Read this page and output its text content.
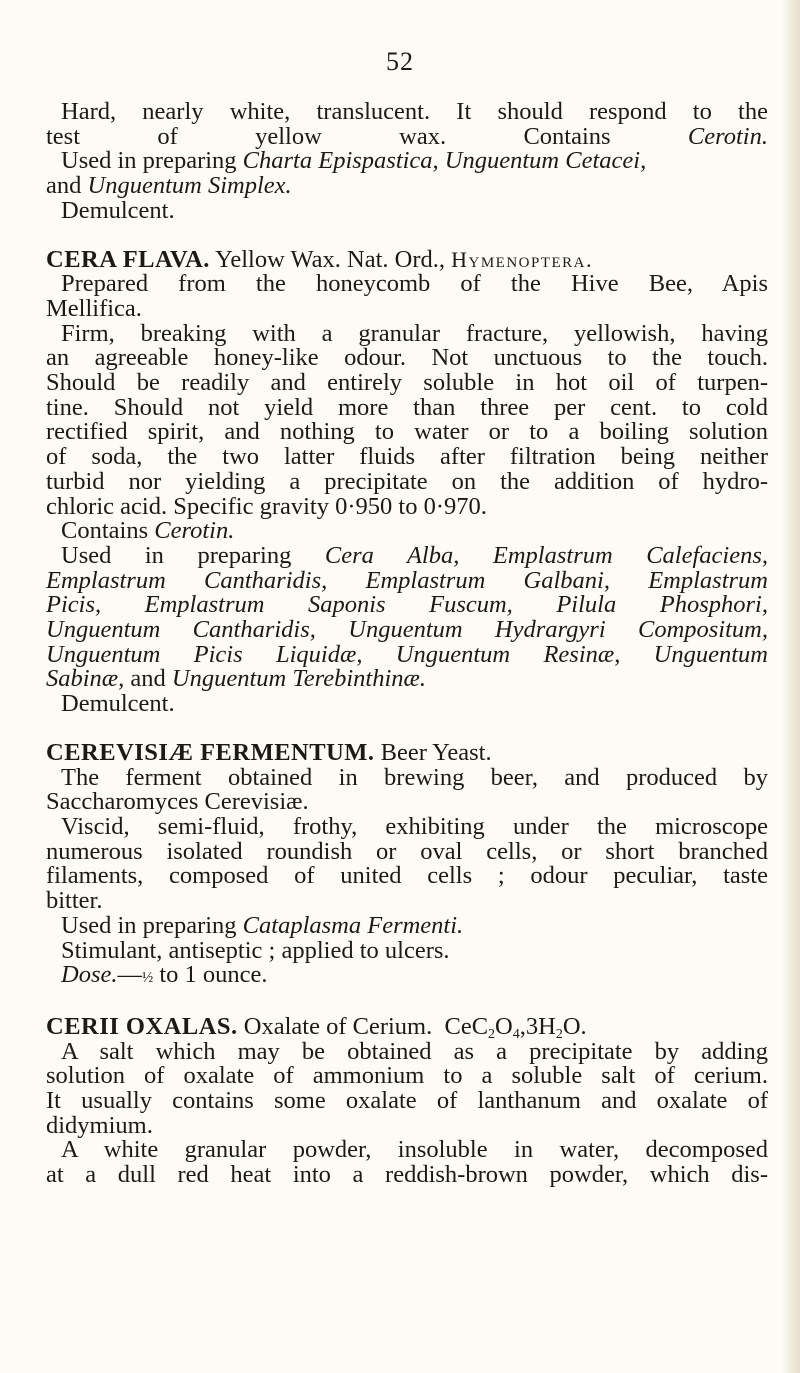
52
Hard, nearly white, translucent. It should respond to the
test of yellow wax. Contains Cerotin.
Used in preparing Charta Epispastica, Unguentum Cetacei,
and Unguentum Simplex.
Demulcent.
CERA FLAVA. Yellow Wax. Nat. Ord., Hymenoptera.
Prepared from the honeycomb of the Hive Bee, Apis
Mellifica.
Firm, breaking with a granular fracture, yellowish, having
an agreeable honey-like odour. Not unctuous to the touch.
Should be readily and entirely soluble in hot oil of turpen-
tine. Should not yield more than three per cent. to cold
rectified spirit, and nothing to water or to a boiling solution
of soda, the two latter fluids after filtration being neither
turbid nor yielding a precipitate on the addition of hydro-
chloric acid. Specific gravity 0·950 to 0·970.
Contains Cerotin.
Used in preparing Cera Alba, Emplastrum Calefaciens,
Emplastrum Cantharidis, Emplastrum Galbani, Emplastrum
Picis, Emplastrum Saponis Fuscum, Pilula Phosphori,
Unguentum Cantharidis, Unguentum Hydrargyri Compositum,
Unguentum Picis Liquidæ, Unguentum Resinæ, Unguentum
Sabinæ, and Unguentum Terebinthinæ.
Demulcent.
CEREVISIÆ FERMENTUM. Beer Yeast.
The ferment obtained in brewing beer, and produced by
Saccharomyces Cerevisiæ.
Viscid, semi-fluid, frothy, exhibiting under the microscope
numerous isolated roundish or oval cells, or short branched
filaments, composed of united cells ; odour peculiar, taste
bitter.
Used in preparing Cataplasma Fermenti.
Stimulant, antiseptic ; applied to ulcers.
Dose.—½ to 1 ounce.
CERII OXALAS. Oxalate of Cerium. $CeC_2O_4,3H_2O$.
A salt which may be obtained as a precipitate by adding
solution of oxalate of ammonium to a soluble salt of cerium.
It usually contains some oxalate of lanthanum and oxalate of
didymium.
A white granular powder, insoluble in water, decomposed
at a dull red heat into a reddish-brown powder, which dis-
